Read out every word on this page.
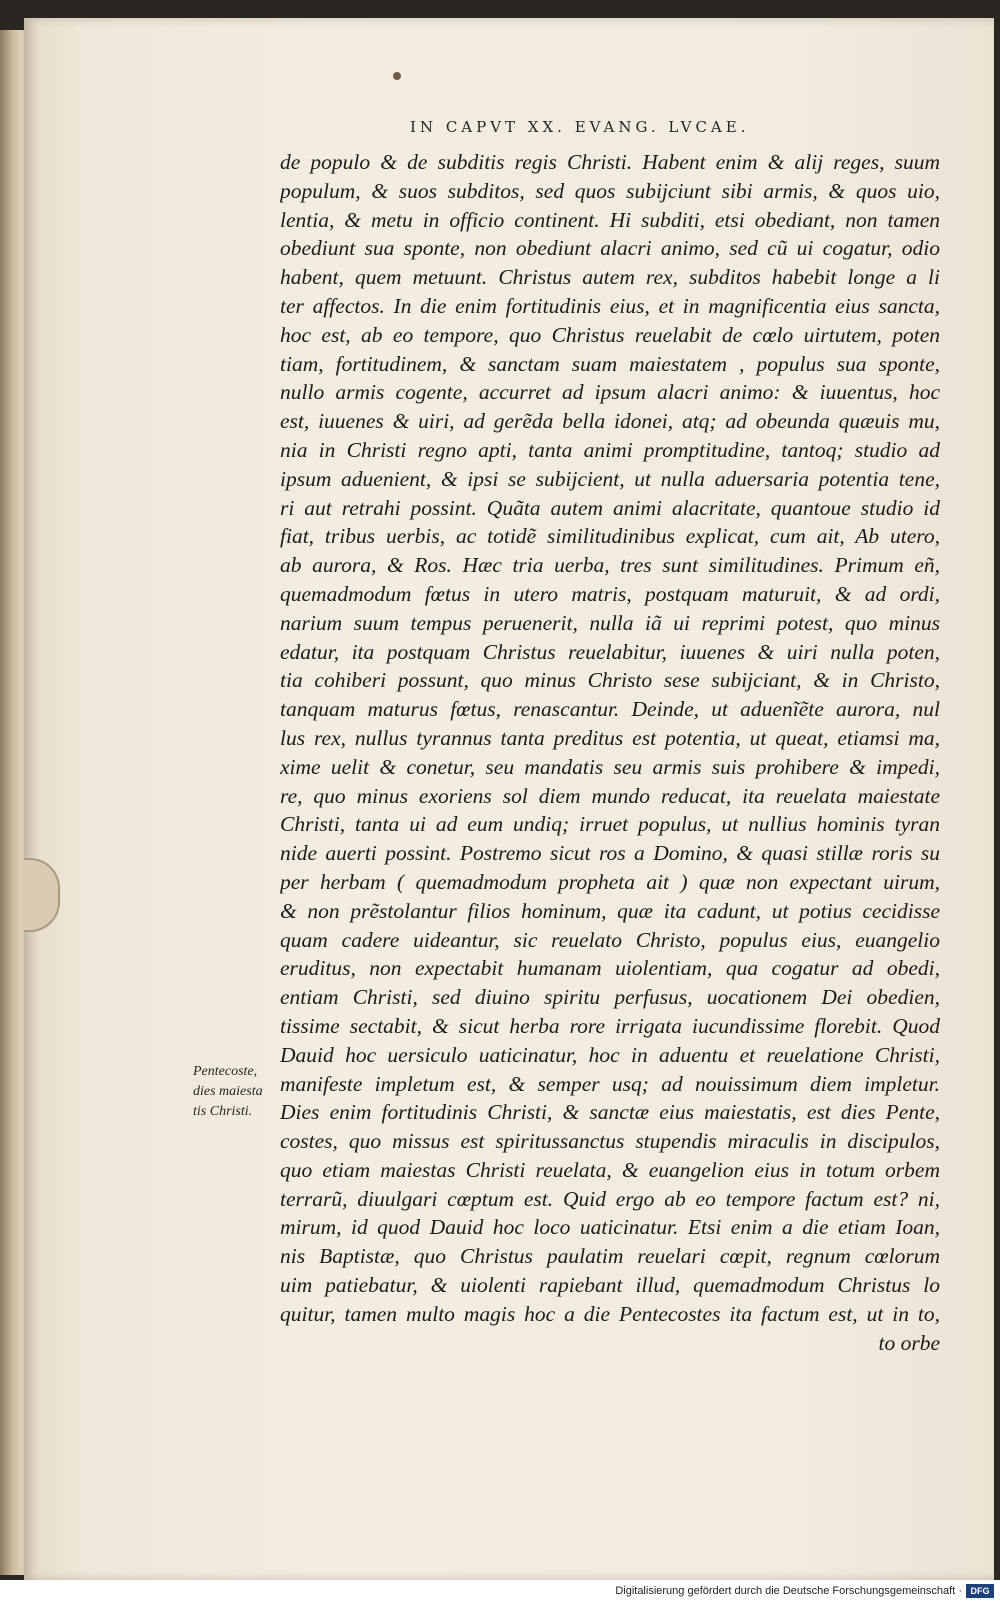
IN CAPVT XX. EVANG. LVCAE.
de populo & de subditis regis Christi. Habent enim & alij reges, suum
populum, & suos subditos, sed quos subijciunt sibi armis, & quos uio,
lentia, & metu in officio continent. Hi subditi, etsi obediant, non tamen
obediunt sua sponte, non obediunt alacri animo, sed cũ ui cogatur, odio
habent, quem metuunt. Christus autem rex, subditos habebit longe a li
ter affectos. In die enim fortitudinis eius, et in magnificentia eius sancta,
hoc est, ab eo tempore, quo Christus reuelabit de cœlo uirtutem, poten
tiam, fortitudinem, & sanctam suam maiestatem , populus sua sponte,
nullo armis cogente, accurret ad ipsum alacri animo: & iuuentus, hoc
est, iuuenes & uiri, ad gerẽda bella idonei, atq; ad obeunda quæuis mu,
nia in Christi regno apti, tanta animi promptitudine, tantoq; studio ad
ipsum aduenient, & ipsi se subijcient, ut nulla aduersaria potentia tene,
ri aut retrahi possint. Quãta autem animi alacritate, quantoue studio id
fiat, tribus uerbis, ac totidẽ similitudinibus explicat, cum ait, Ab utero,
ab aurora, & Ros. Hæc tria uerba, tres sunt similitudines. Primum eñ,
quemadmodum fœtus in utero matris, postquam maturuit, & ad ordi,
narium suum tempus peruenerit, nulla iã ui reprimi potest, quo minus
edatur, ita postquam Christus reuelabitur, iuuenes & uiri nulla poten,
tia cohiberi possunt, quo minus Christo sese subijciant, & in Christo,
tanquam maturus fœtus, renascantur. Deinde, ut aduenĩẽte aurora, nul
lus rex, nullus tyrannus tanta preditus est potentia, ut queat, etiamsi ma,
xime uelit & conetur, seu mandatis seu armis suis prohibere & impedi,
re, quo minus exoriens sol diem mundo reducat, ita reuelata maiestate
Christi, tanta ui ad eum undiq; irruet populus, ut nullius hominis tyran
nide auerti possint. Postremo sicut ros a Domino, & quasi stillæ roris su
per herbam ( quemadmodum propheta ait ) quæ non expectant uirum,
& non prẽstolantur filios hominum, quæ ita cadunt, ut potius cecidisse
quam cadere uideantur, sic reuelato Christo, populus eius, euangelio
eruditus, non expectabit humanam uiolentiam, qua cogatur ad obedi,
entiam Christi, sed diuino spiritu perfusus, uocationem Dei obedien,
tissime sectabit, & sicut herba rore irrigata iucundissime florebit. Quod
Dauid hoc uersiculo uaticinatur, hoc in aduentu et reuelatione Christi,
manifeste impletum est, & semper usq; ad nouissimum diem impletur.
Dies enim fortitudinis Christi, & sanctæ eius maiestatis, est dies Pente,
costes, quo missus est spiritussanctus stupendis miraculis in discipulos,
quo etiam maiestas Christi reuelata, & euangelion eius in totum orbem
terrarũ, diuulgari cœptum est. Quid ergo ab eo tempore factum est? ni,
mirum, id quod Dauid hoc loco uaticinatur. Etsi enim a die etiam Ioan,
nis Baptistæ, quo Christus paulatim reuelari cœpit, regnum cœlorum
uim patiebatur, & uiolenti rapiebant illud, quemadmodum Christus lo
quitur, tamen multo magis hoc a die Pentecostes ita factum est, ut in to,
to orbe
Pentecoste,
dies maiesta
tis Christi.
Digitalisierung gefördert durch die Deutsche Forschungsgemeinschaft · DFG
